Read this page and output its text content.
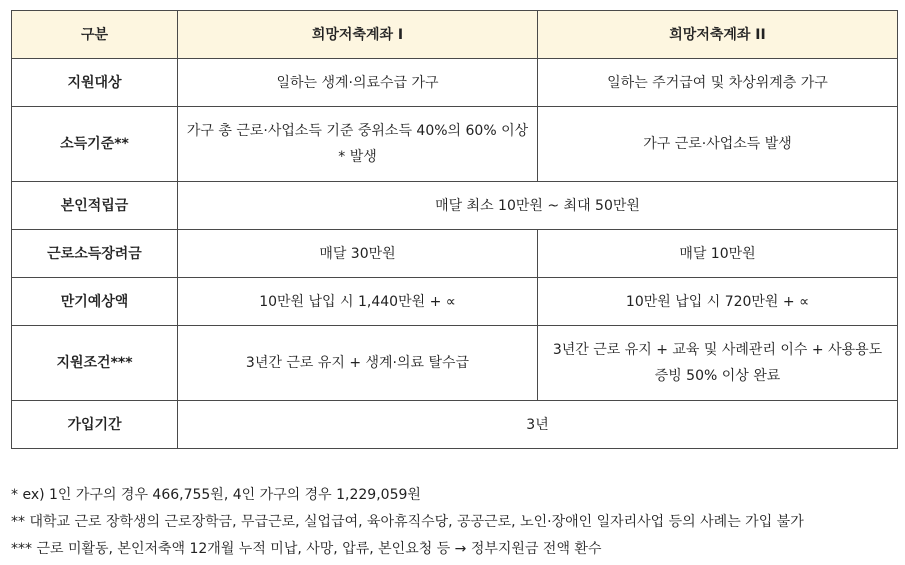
구분	희망저축계좌 I	희망저축계좌 II
지원대상	일하는 생계·의료수급 가구	일하는 주거급여 및 차상위계층 가구
소득기준**	가구 총 근로·사업소득 기준 중위소득 40%의 60% 이상* 발생	가구 근로·사업소득 발생
본인적립금	매달 최소 10만원 ~ 최대 50만원	
근로소득장려금	매달 30만원	매달 10만원
만기예상액	10만원 납입 시 1,440만원 + ∝	10만원 납입 시 720만원 + ∝
지원조건***	3년간 근로 유지 + 생계·의료 탈수급	3년간 근로 유지 + 교육 및 사례관리 이수 + 사용용도 증빙 50% 이상 완료
가입기간	3년	
* ex) 1인 가구의 경우 466,755원, 4인 가구의 경우 1,229,059원
** 대학교 근로 장학생의 근로장학금, 무급근로, 실업급여, 육아휴직수당, 공공근로, 노인·장애인 일자리사업 등의 사례는 가입 불가
*** 근로 미활동, 본인저축액 12개월 누적 미납, 사망, 압류, 본인요청 등 → 정부지원금 전액 환수
